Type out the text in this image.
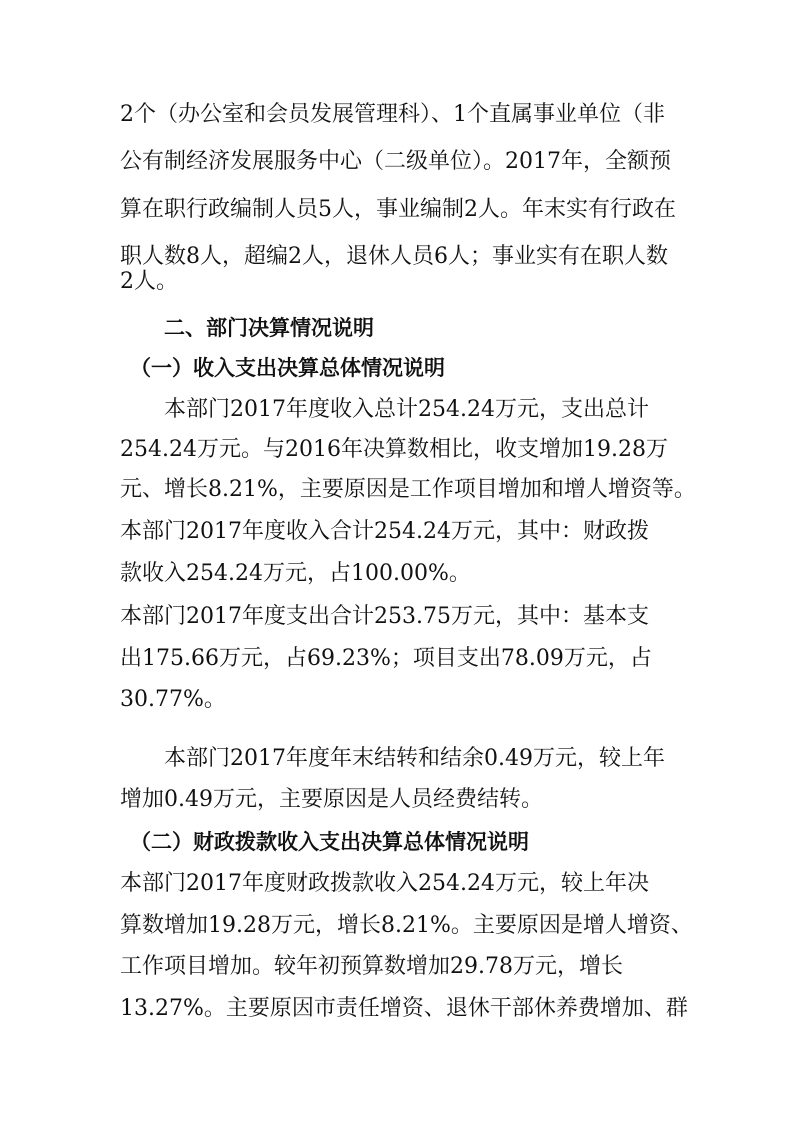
2个（办公室和会员发展管理科）、1个直属事业单位（非
公有制经济发展服务中心（二级单位）。2017年，全额预
算在职行政编制人员5人，事业编制2人。年末实有行政在
职人数8人，超编2人，退休人员6人；事业实有在职人数
2人。
二、部门决算情况说明
（一）收入支出决算总体情况说明
本部门2017年度收入总计254.24万元，支出总计
254.24万元。与2016年决算数相比，收支增加19.28万
元、增长8.21%，主要原因是工作项目增加和增人增资等。
本部门2017年度收入合计254.24万元，其中：财政拨
款收入254.24万元，占100.00%。
本部门2017年度支出合计253.75万元，其中：基本支
出175.66万元，占69.23%；项目支出78.09万元，占
30.77%。
本部门2017年度年末结转和结余0.49万元，较上年
增加0.49万元，主要原因是人员经费结转。
（二）财政拨款收入支出决算总体情况说明
本部门2017年度财政拨款收入254.24万元，较上年决
算数增加19.28万元，增长8.21%。主要原因是增人增资、
工作项目增加。较年初预算数增加29.78万元，增长
13.27%。主要原因市责任增资、退休干部休养费增加、群
